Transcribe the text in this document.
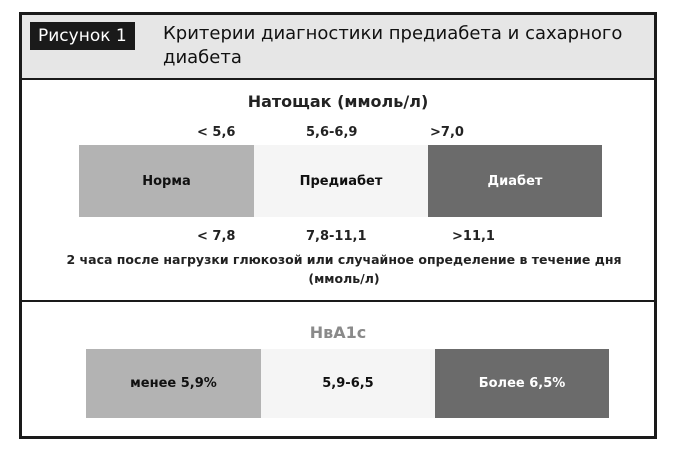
Рисунок 1	Критерии диагностики предиабета и сахарного диабета
Натощак (ммоль/л)
< 5,6	5,6-6,9	>7,0
Норма	Предиабет	Диабет
< 7,8	7,8-11,1	>11,1
2 часа после нагрузки глюкозой или случайное определение в течение дня (ммоль/л)
НвА1с
менее 5,9%	5,9-6,5	Более 6,5%
